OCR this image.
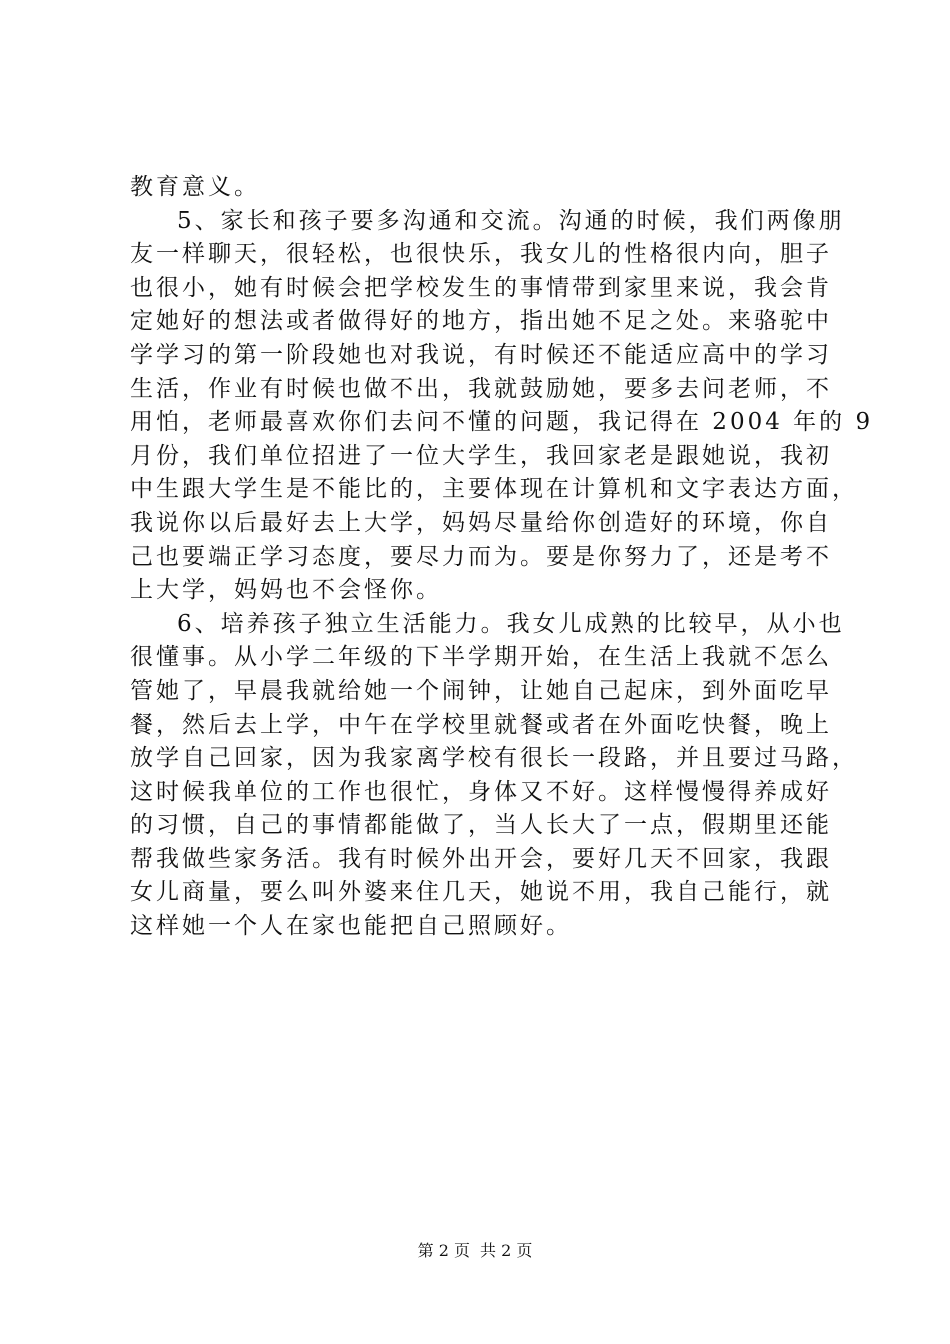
教育意义。
5、家长和孩子要多沟通和交流。沟通的时候，我们两像朋
友一样聊天，很轻松，也很快乐，我女儿的性格很内向，胆子
也很小，她有时候会把学校发生的事情带到家里来说，我会肯
定她好的想法或者做得好的地方，指出她不足之处。来骆驼中
学学习的第一阶段她也对我说，有时候还不能适应高中的学习
生活，作业有时候也做不出，我就鼓励她，要多去问老师，不
用怕，老师最喜欢你们去问不懂的问题，我记得在 2004 年的 9
月份，我们单位招进了一位大学生，我回家老是跟她说，我初
中生跟大学生是不能比的，主要体现在计算机和文字表达方面，
我说你以后最好去上大学，妈妈尽量给你创造好的环境，你自
己也要端正学习态度，要尽力而为。要是你努力了，还是考不
上大学，妈妈也不会怪你。
6、培养孩子独立生活能力。我女儿成熟的比较早，从小也
很懂事。从小学二年级的下半学期开始，在生活上我就不怎么
管她了，早晨我就给她一个闹钟，让她自己起床，到外面吃早
餐，然后去上学，中午在学校里就餐或者在外面吃快餐，晚上
放学自己回家，因为我家离学校有很长一段路，并且要过马路，
这时候我单位的工作也很忙，身体又不好。这样慢慢得养成好
的习惯，自己的事情都能做了，当人长大了一点，假期里还能
帮我做些家务活。我有时候外出开会，要好几天不回家，我跟
女儿商量，要么叫外婆来住几天，她说不用，我自己能行，就
这样她一个人在家也能把自己照顾好。
第 2 页 共 2 页
